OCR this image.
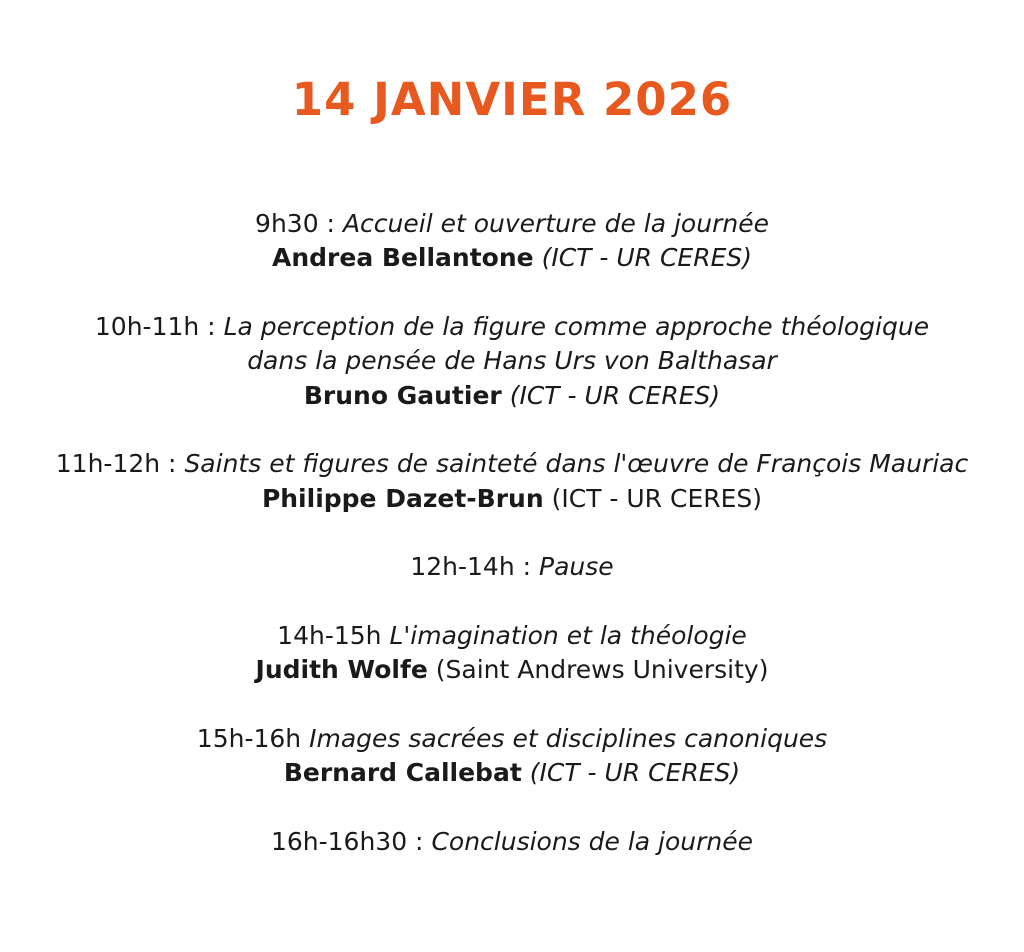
14 JANVIER 2026
9h30 : Accueil et ouverture de la journée
Andrea Bellantone (ICT - UR CERES)
10h-11h : La perception de la figure comme approche théologique
dans la pensée de Hans Urs von Balthasar
Bruno Gautier (ICT - UR CERES)
11h-12h : Saints et figures de sainteté dans l'œuvre de François Mauriac
Philippe Dazet-Brun (ICT - UR CERES)
12h-14h : Pause
14h-15h L'imagination et la théologie
Judith Wolfe (Saint Andrews University)
15h-16h Images sacrées et disciplines canoniques
Bernard Callebat (ICT - UR CERES)
16h-16h30 : Conclusions de la journée
